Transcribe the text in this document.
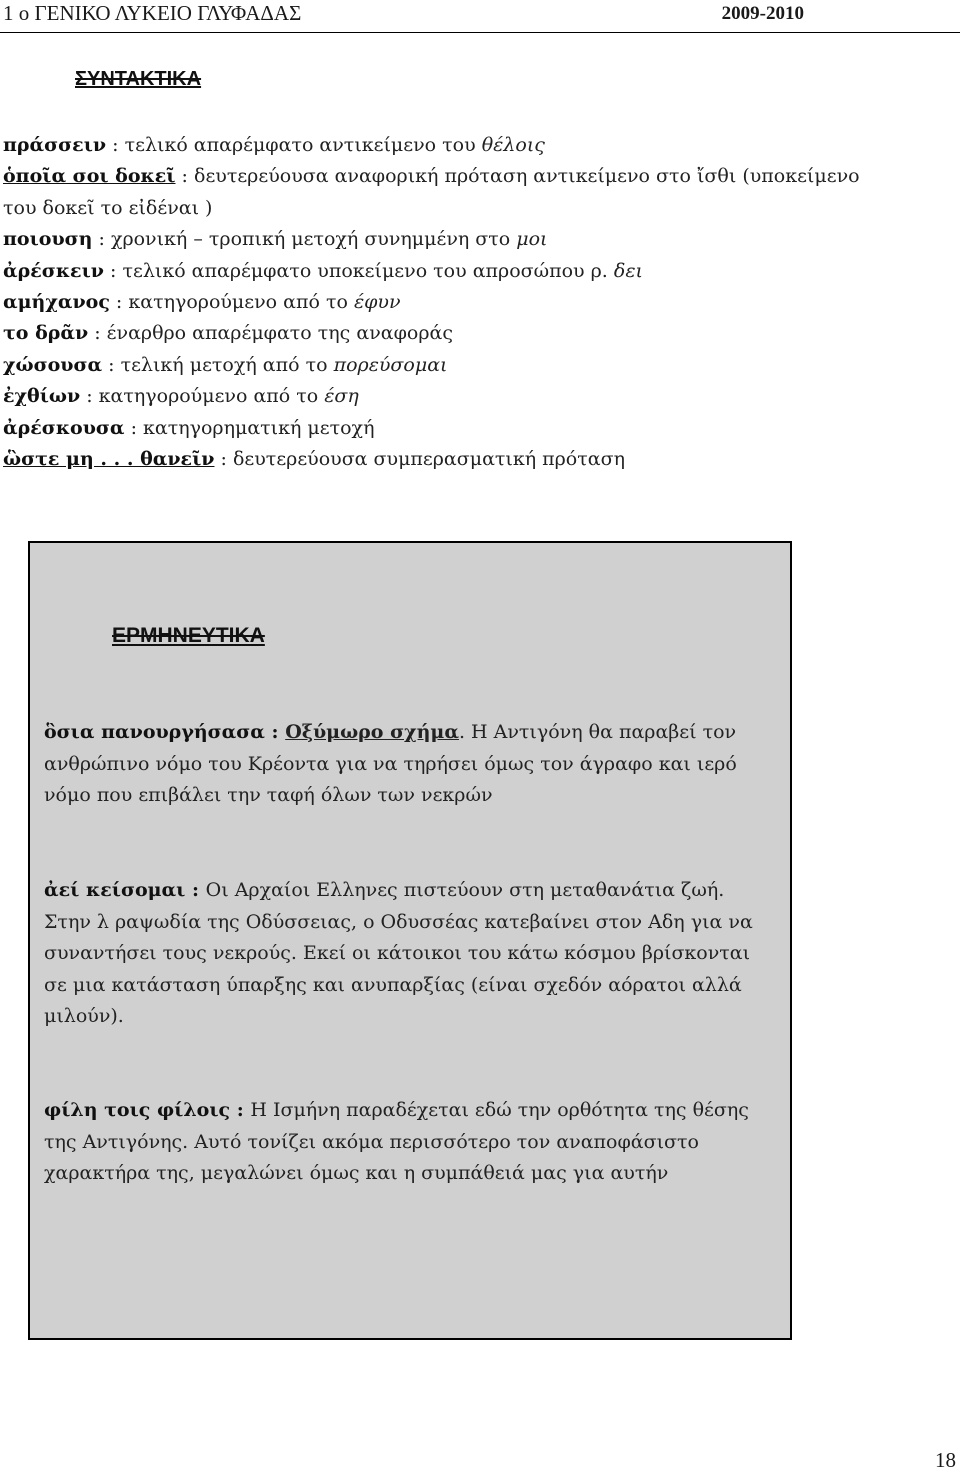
1 ο ΓΕΝΙΚΟ ΛΥΚΕΙΟ ΓΛΥΦΑΔΑΣ	2009-2010
ΣΥΝΤΑΚΤΙΚΑ
πράσσειν : τελικό απαρέμφατο αντικείμενο του θέλοις
ὁποῖα σοι δοκεῖ : δευτερεύουσα αναφορική πρόταση αντικείμενο στο ἴσθι (υποκείμενο
του δοκεῖ το εἰδέναι )
ποιουση : χρονική – τροπική μετοχή συνημμένη στο μοι
ἀρέσκειν : τελικό απαρέμφατο υποκείμενο του απροσώπου ρ. δει
αμήχανος : κατηγορούμενο από το έφυν
το δρᾶν : έναρθρο απαρέμφατο της αναφοράς
χώσουσα : τελική μετοχή από το πορεύσομαι
ἐχθίων : κατηγορούμενο από το έση
ἀρέσκουσα : κατηγορηματική μετοχή
ὣστε μη . . . θανεῖν : δευτερεύουσα συμπερασματική πρόταση
ΕΡΜΗΝΕΥΤΙΚΑ
ὃσια πανουργήσασα : Οξύμωρο σχήμα. Η Αντιγόνη θα παραβεί τον ανθρώπινο νόμο του Κρέοντα για να τηρήσει όμως τον άγραφο και ιερό νόμο που επιβάλει την ταφή όλων των νεκρών
ἀεί κείσομαι : Οι Αρχαίοι Ελληνες πιστεύουν στη μεταθανάτια ζωή. Στην λ ραψωδία της Οδύσσειας, ο Οδυσσέας κατεβαίνει στον Αδη για να συναντήσει τους νεκρούς. Εκεί οι κάτοικοι του κάτω κόσμου βρίσκονται σε μια κατάσταση ύπαρξης και ανυπαρξίας (είναι σχεδόν αόρατοι αλλά μιλούν).
φίλη τοις φίλοις : Η Ισμήνη παραδέχεται εδώ την ορθότητα της θέσης της Αντιγόνης. Αυτό τονίζει ακόμα περισσότερο τον αναποφάσιστο χαρακτήρα της, μεγαλώνει όμως και η συμπάθειά μας για αυτήν
18
